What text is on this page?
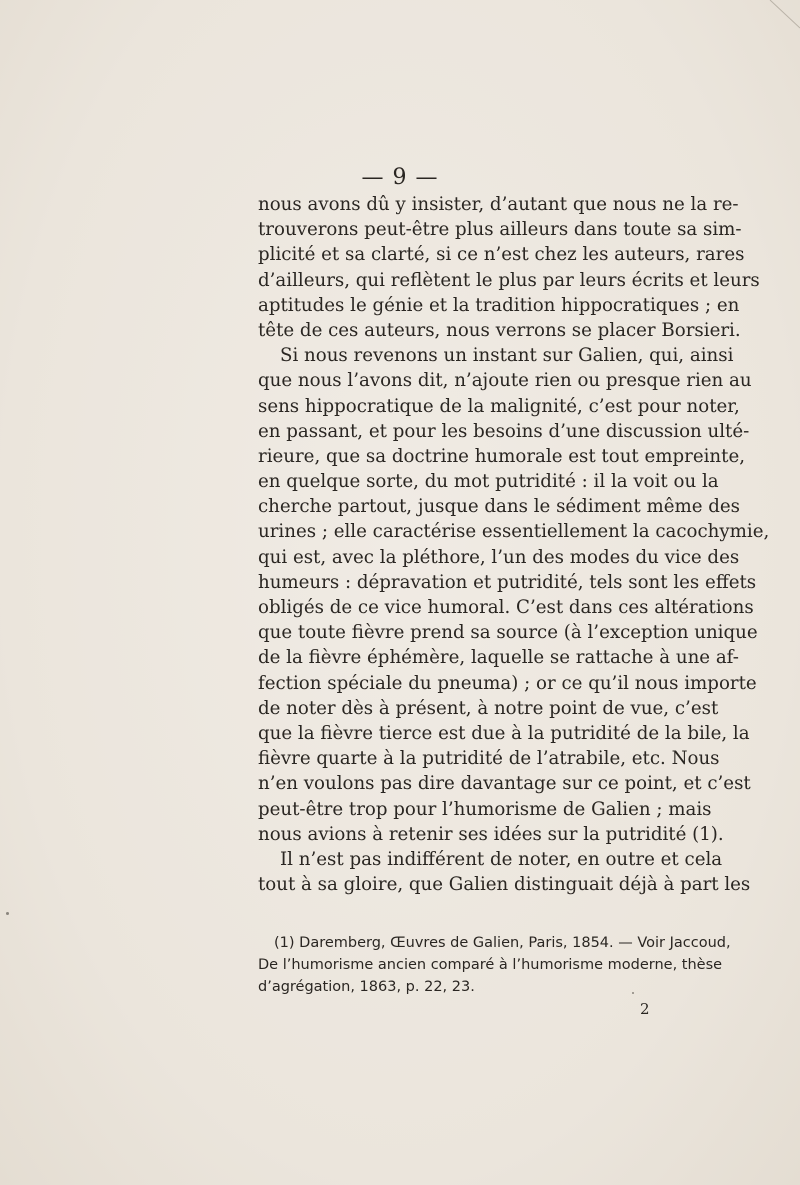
— 9 —
nous avons dû y insister, d’autant que nous ne la re-
trouverons peut-être plus ailleurs dans toute sa sim-
plicité et sa clarté, si ce n’est chez les auteurs, rares
d’ailleurs, qui reflètent le plus par leurs écrits et leurs
aptitudes le génie et la tradition hippocratiques ; en
tête de ces auteurs, nous verrons se placer Borsieri.
Si nous revenons un instant sur Galien, qui, ainsi
que nous l’avons dit, n’ajoute rien ou presque rien au
sens hippocratique de la malignité, c’est pour noter,
en passant, et pour les besoins d’une discussion ulté-
rieure, que sa doctrine humorale est tout empreinte,
en quelque sorte, du mot putridité : il la voit ou la
cherche partout, jusque dans le sédiment même des
urines ; elle caractérise essentiellement la cacochymie,
qui est, avec la pléthore, l’un des modes du vice des
humeurs : dépravation et putridité, tels sont les effets
obligés de ce vice humoral. C’est dans ces altérations
que toute fièvre prend sa source (à l’exception unique
de la fièvre éphémère, laquelle se rattache à une af-
fection spéciale du pneuma) ; or ce qu’il nous importe
de noter dès à présent, à notre point de vue, c’est
que la fièvre tierce est due à la putridité de la bile, la
fièvre quarte à la putridité de l’atrabile, etc. Nous
n’en voulons pas dire davantage sur ce point, et c’est
peut-être trop pour l’humorisme de Galien ; mais
nous avions à retenir ses idées sur la putridité (1).
Il n’est pas indifférent de noter, en outre et cela
tout à sa gloire, que Galien distinguait déjà à part les
(1) Daremberg, Œuvres de Galien, Paris, 1854. — Voir Jaccoud,
De l’humorisme ancien comparé à l’humorisme moderne, thèse
d’agrégation, 1863, p. 22, 23.
2
